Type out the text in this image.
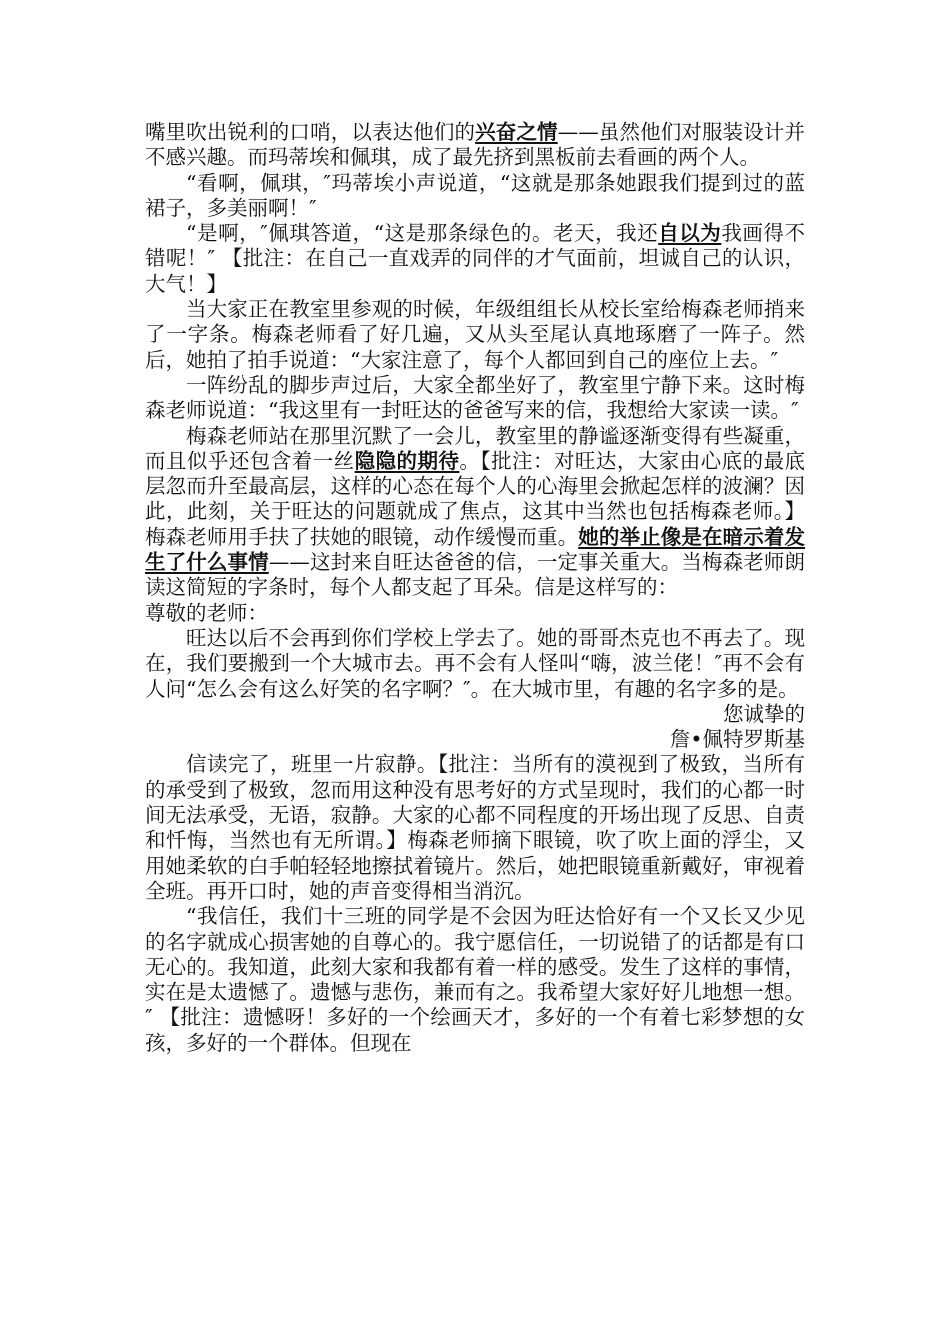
嘴里吹出锐利的口哨，以表达他们的兴奋之情——虽然他们对服装设计并不感兴趣。而玛蒂埃和佩琪，成了最先挤到黑板前去看画的两个人。

“看啊，佩琪，″玛蒂埃小声说道，“这就是那条她跟我们提到过的蓝裙子，多美丽啊！″

“是啊，″佩琪答道，“这是那条绿色的。老天，我还自以为我画得不错呢！″ 【批注：在自己一直戏弄的同伴的才气面前，坦诚自己的认识，大气！】

当大家正在教室里参观的时候，年级组组长从校长室给梅森老师捎来了一字条。梅森老师看了好几遍，又从头至尾认真地琢磨了一阵子。然后，她拍了拍手说道：“大家注意了，每个人都回到自己的座位上去。″

一阵纷乱的脚步声过后，大家全都坐好了，教室里宁静下来。这时梅森老师说道：“我这里有一封旺达的爸爸写来的信，我想给大家读一读。″

梅森老师站在那里沉默了一会儿，教室里的静谧逐渐变得有些凝重，而且似乎还包含着一丝隐隐的期待。【批注：对旺达，大家由心底的最底层忽而升至最高层，这样的心态在每个人的心海里会掀起怎样的波澜？因此，此刻，关于旺达的问题就成了焦点，这其中当然也包括梅森老师。】梅森老师用手扶了扶她的眼镜，动作缓慢而重。她的举止像是在暗示着发生了什么事情——这封来自旺达爸爸的信，一定事关重大。当梅森老师朗读这简短的字条时，每个人都支起了耳朵。信是这样写的：

尊敬的老师：

旺达以后不会再到你们学校上学去了。她的哥哥杰克也不再去了。现在，我们要搬到一个大城市去。再不会有人怪叫“嗨，波兰佬！″再不会有人问“怎么会有这么好笑的名字啊？″。在大城市里，有趣的名字多的是。

您诚挚的

詹•佩特罗斯基

信读完了，班里一片寂静。【批注：当所有的漠视到了极致，当所有的承受到了极致，忽而用这种没有思考好的方式呈现时，我们的心都一时间无法承受，无语，寂静。大家的心都不同程度的开场出现了反思、自责和忏悔，当然也有无所谓。】梅森老师摘下眼镜，吹了吹上面的浮尘，又用她柔软的白手帕轻轻地擦拭着镜片。然后，她把眼镜重新戴好，审视着全班。再开口时，她的声音变得相当消沉。

“我信任，我们十三班的同学是不会因为旺达恰好有一个又长又少见的名字就成心损害她的自尊心的。我宁愿信任，一切说错了的话都是有口无心的。我知道，此刻大家和我都有着一样的感受。发生了这样的事情，实在是太遗憾了。遗憾与悲伤，兼而有之。我希望大家好好儿地想一想。″ 【批注：遗憾呀！多好的一个绘画天才，多好的一个有着七彩梦想的女孩，多好的一个群体。但现在
